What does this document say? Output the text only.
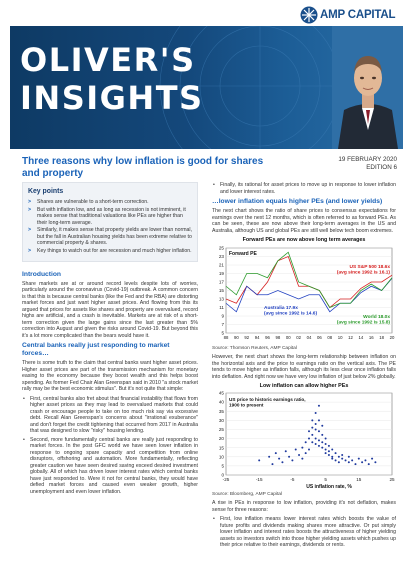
AMP CAPITAL
OLIVER'S
INSIGHTS
Three reasons why low inflation is good for shares and property
19 FEBRUARY 2020
EDITION 6
Key points
> Shares are vulnerable to a short-term correction.
> But with inflation low, and as long as recession is not imminent, it makes sense that traditional valuations like PEs are higher than their long-term average.
> Similarly, it makes sense that property yields are lower than normal, but the fall in Australian housing yields has been extreme relative to commercial property & shares.
> Key things to watch out for are recession and much higher inflation.
Introduction

Share markets are at or around record levels despite lots of worries, particularly around the coronavirus (Covid-19) outbreak. A common concern is that this is because central banks (like the Fed and the RBA) are distorting market forces and just want higher asset prices. And flowing from this its argued that prices for assets like shares and property are overvalued, record highs are artificial, and a crash is inevitable. Markets are at risk of a short-term correction given the large gains since the last greater than 5% correction into August and given the risks around Covid-19. But beyond this it's a lot more complicated than the bears would have it.

Central banks really just responding to market forces…

There is some truth to the claim that central banks want higher asset prices. Higher asset prices are part of the transmission mechanism for monetary easing to the economy because they boost wealth and this helps boost spending. As former Fed Chair Alan Greenspan said in 2010 "a stock market rally may be the best economic stimulus". But it's not quite that simple:

• First, central banks also fret about that financial instability that flows from higher asset prices as they may lead to overvalued markets that could crash or encourage people to take on too much risk say via excessive debt. Recall Alan Greenspan's concerns about "irrational exuberance" and don't forget the credit tightening that occurred from 2017 in Australia that was designed to slow "risky" housing lending.
• Second, more fundamentally central banks are really just responding to market forces. In the post GFC world we have seen lower inflation in response to ongoing spare capacity and competition from online disruptors, offshoring and automation. More fundamentally, reflecting greater caution we have seen desired saving exceed desired investment globally. All of which has driven lower interest rates which central banks have just responded to. Were it not for central banks, they would have defied market forces and caused even weaker growth, higher unemployment and even lower inflation.
• Finally, its rational for asset prices to move up in response to lower inflation and lower interest rates.
…lower inflation equals higher PEs (and lower yields)

The next chart shows the ratio of share prices to consensus expectations for earnings over the next 12 months, which is often referred to as forward PEs. As can be seen, these are now above their long-term averages in the US and Australia, although US and global PEs are still well below tech boom extremes.

Forward PEs are now above long term averages
5
7
9
11
13
15
17
19
21
23
25
88 90 92 94 96 98 00 02 04 06 08 10 12 14 16 18 20
Forward PE
US S&P 500 18.6x
(avg since 1992 is 16.1)
Australia 17.9x
(avg since 1992 is 14.6)
World 18.0x
(avg since 1992 is 15.8)
Source: Thomson Reuters, AMP Capital

However, the next chart shows the long-term relationship between inflation on the horizontal axis and the price to earnings ratio on the vertical axis. The PE tends to move higher as inflation falls, although its less clear once inflation falls into deflation. And right now we have very low inflation of just below 2% globally.

Low inflation can allow higher PEs
0
5
10
15
20
25
30
35
40
45
-25	-15	-5	5	15	25
US price to historic earnings ratio,
1900 to present
US inflation rate, %
Source: Bloomberg, AMP Capital

A rise in PEs in response to low inflation, providing it's not deflation, makes sense for three reasons:

• First, low inflation means lower interest rates which boosts the value of future profits and dividends making shares more attractive. Or put simply lower inflation and interest rates boosts the attractiveness of higher yielding assets so investors switch into those higher yielding assets which pushes up their price relative to their earnings, dividends or rents.
